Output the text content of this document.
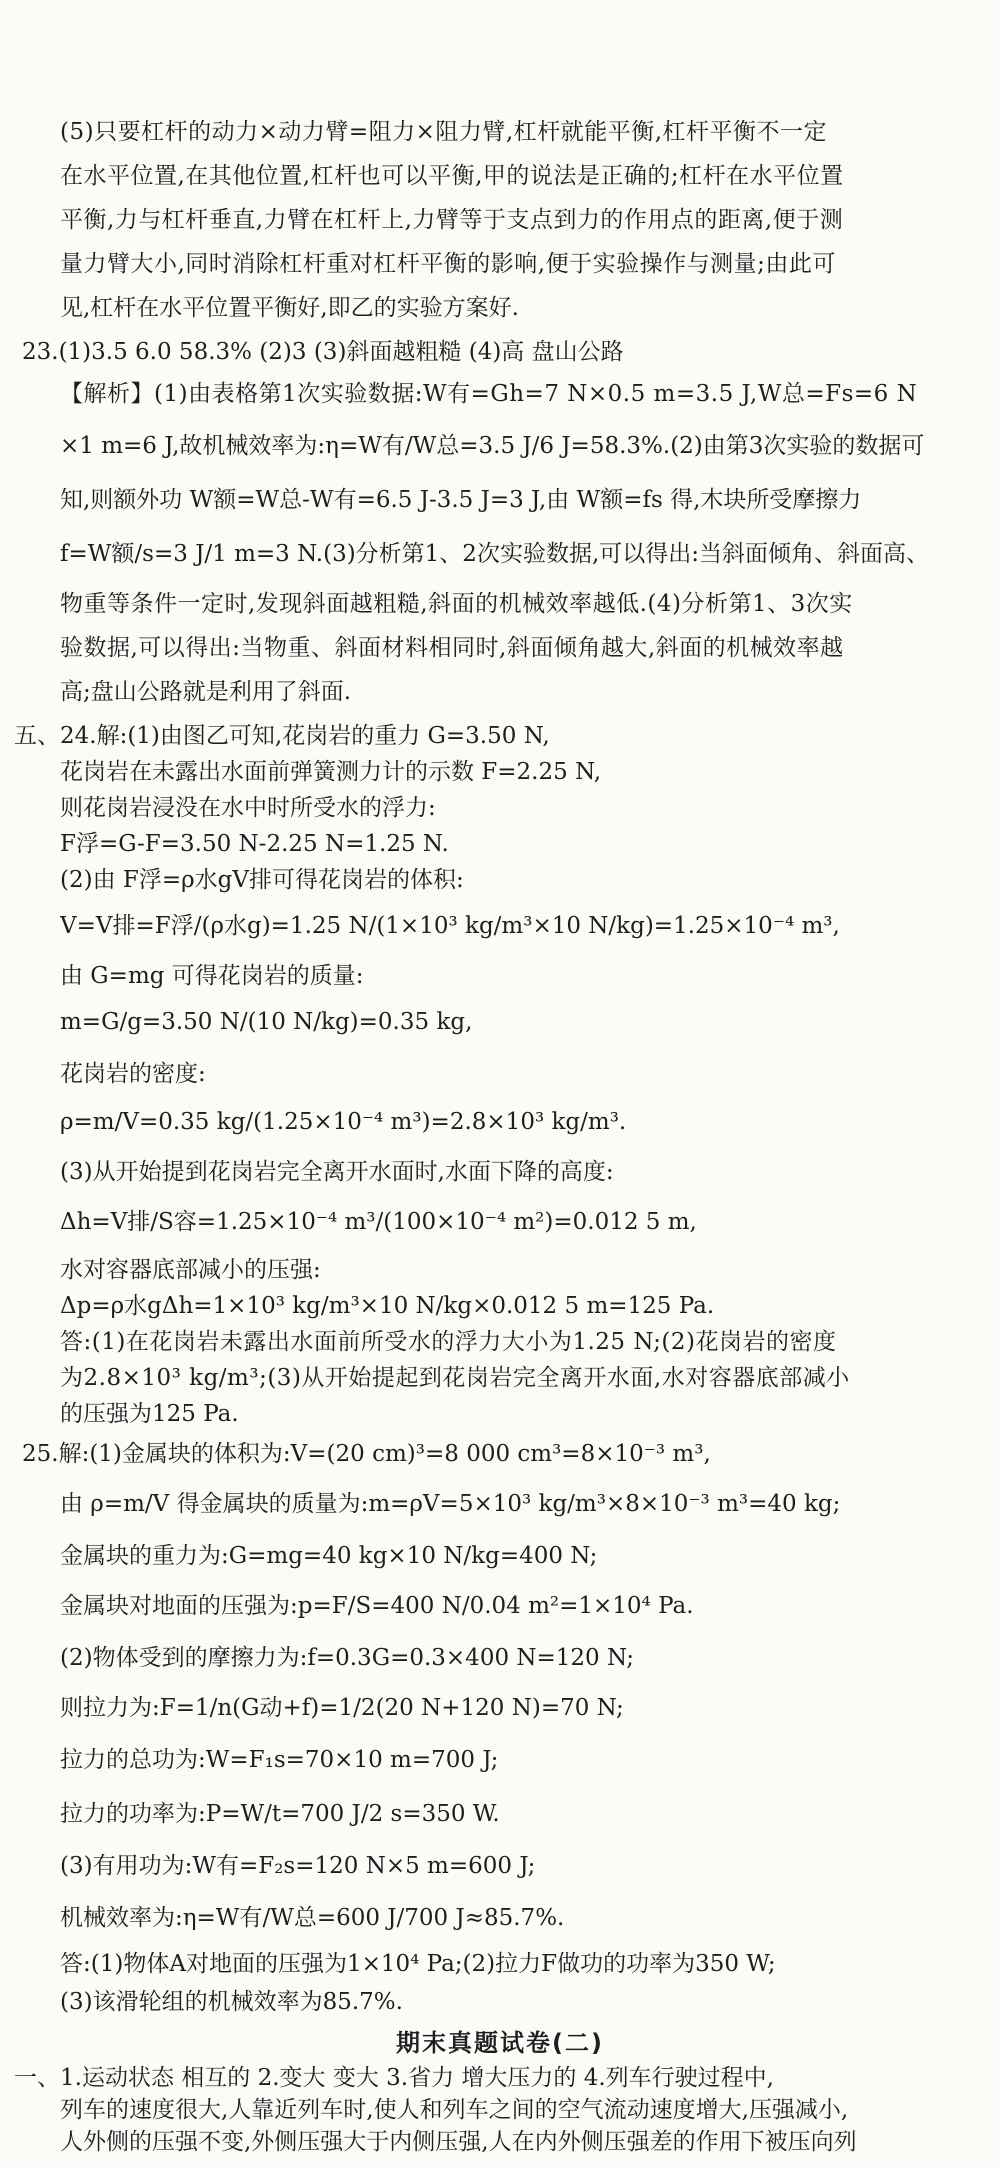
(5)只要杠杆的动力×动力臂=阻力×阻力臂,杠杆就能平衡,杠杆平衡不一定
在水平位置,在其他位置,杠杆也可以平衡,甲的说法是正确的;杠杆在水平位置
平衡,力与杠杆垂直,力臂在杠杆上,力臂等于支点到力的作用点的距离,便于测
量力臂大小,同时消除杠杆重对杠杆平衡的影响,便于实验操作与测量;由此可
见,杠杆在水平位置平衡好,即乙的实验方案好.
23.(1)3.5 6.0 58.3% (2)3 (3)斜面越粗糙 (4)高 盘山公路
【解析】(1)由表格第1次实验数据:W有=Gh=7 N×0.5 m=3.5 J,W总=Fs=6 N
×1 m=6 J,故机械效率为:η=W有/W总=3.5 J/6 J=58.3%.(2)由第3次实验的数据可
知,则额外功 W额=W总-W有=6.5 J-3.5 J=3 J,由 W额=fs 得,木块所受摩擦力
f=W额/s=3 J/1 m=3 N.(3)分析第1、2次实验数据,可以得出:当斜面倾角、斜面高、
物重等条件一定时,发现斜面越粗糙,斜面的机械效率越低.(4)分析第1、3次实
验数据,可以得出:当物重、斜面材料相同时,斜面倾角越大,斜面的机械效率越
高;盘山公路就是利用了斜面.
五、24.解:(1)由图乙可知,花岗岩的重力 G=3.50 N,
花岗岩在未露出水面前弹簧测力计的示数 F=2.25 N,
则花岗岩浸没在水中时所受水的浮力:
F浮=G-F=3.50 N-2.25 N=1.25 N.
(2)由 F浮=ρ水gV排可得花岗岩的体积:
V=V排=F浮/(ρ水g)=1.25 N/(1×10³ kg/m³×10 N/kg)=1.25×10⁻⁴ m³,
由 G=mg 可得花岗岩的质量:
m=G/g=3.50 N/(10 N/kg)=0.35 kg,
花岗岩的密度:
ρ=m/V=0.35 kg/(1.25×10⁻⁴ m³)=2.8×10³ kg/m³.
(3)从开始提到花岗岩完全离开水面时,水面下降的高度:
Δh=V排/S容=1.25×10⁻⁴ m³/(100×10⁻⁴ m²)=0.012 5 m,
水对容器底部减小的压强:
Δp=ρ水gΔh=1×10³ kg/m³×10 N/kg×0.012 5 m=125 Pa.
答:(1)在花岗岩未露出水面前所受水的浮力大小为1.25 N;(2)花岗岩的密度
为2.8×10³ kg/m³;(3)从开始提起到花岗岩完全离开水面,水对容器底部减小
的压强为125 Pa.
25.解:(1)金属块的体积为:V=(20 cm)³=8 000 cm³=8×10⁻³ m³,
由 ρ=m/V 得金属块的质量为:m=ρV=5×10³ kg/m³×8×10⁻³ m³=40 kg;
金属块的重力为:G=mg=40 kg×10 N/kg=400 N;
金属块对地面的压强为:p=F/S=400 N/0.04 m²=1×10⁴ Pa.
(2)物体受到的摩擦力为:f=0.3G=0.3×400 N=120 N;
则拉力为:F=1/n(G动+f)=1/2(20 N+120 N)=70 N;
拉力的总功为:W=F₁s=70×10 m=700 J;
拉力的功率为:P=W/t=700 J/2 s=350 W.
(3)有用功为:W有=F₂s=120 N×5 m=600 J;
机械效率为:η=W有/W总=600 J/700 J≈85.7%.
答:(1)物体A对地面的压强为1×10⁴ Pa;(2)拉力F做功的功率为350 W;
(3)该滑轮组的机械效率为85.7%.
期末真题试卷(二)
一、1.运动状态 相互的 2.变大 变大 3.省力 增大压力的 4.列车行驶过程中,
列车的速度很大,人靠近列车时,使人和列车之间的空气流动速度增大,压强减小,
人外侧的压强不变,外侧压强大于内侧压强,人在内外侧压强差的作用下被压向列
